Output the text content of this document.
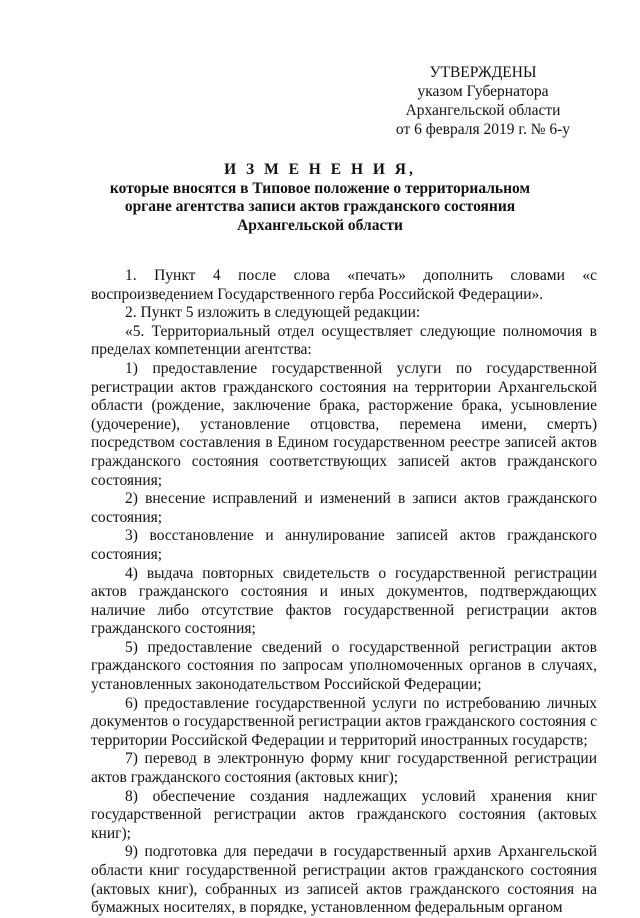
УТВЕРЖДЕНЫ
указом Губернатора
Архангельской области
от 6 февраля 2019 г. № 6-у
И З М Е Н Е Н И Я,
которые вносятся в Типовое положение о территориальном
органе агентства записи актов гражданского состояния
Архангельской области

1. Пункт 4 после слова «печать» дополнить словами «с воспроизведением Государственного герба Российской Федерации».

2. Пункт 5 изложить в следующей редакции:

«5. Территориальный отдел осуществляет следующие полномочия в пределах компетенции агентства:

1) предоставление государственной услуги по государственной регистрации актов гражданского состояния на территории Архангельской области (рождение, заключение брака, расторжение брака, усыновление (удочерение), установление отцовства, перемена имени, смерть) посредством составления в Едином государственном реестре записей актов гражданского состояния соответствующих записей актов гражданского состояния;

2) внесение исправлений и изменений в записи актов гражданского состояния;

3) восстановление и аннулирование записей актов гражданского состояния;

4) выдача повторных свидетельств о государственной регистрации актов гражданского состояния и иных документов, подтверждающих наличие либо отсутствие фактов государственной регистрации актов гражданского состояния;

5) предоставление сведений о государственной регистрации актов гражданского состояния по запросам уполномоченных органов в случаях, установленных законодательством Российской Федерации;

6) предоставление государственной услуги по истребованию личных документов о государственной регистрации актов гражданского состояния с территории Российской Федерации и территорий иностранных государств;

7) перевод в электронную форму книг государственной регистрации актов гражданского состояния (актовых книг);

8) обеспечение создания надлежащих условий хранения книг государственной регистрации актов гражданского состояния (актовых книг);

9) подготовка для передачи в государственный архив Архангельской области книг государственной регистрации актов гражданского состояния (актовых книг), собранных из записей актов гражданского состояния на бумажных носителях, в порядке, установленном федеральным органом
